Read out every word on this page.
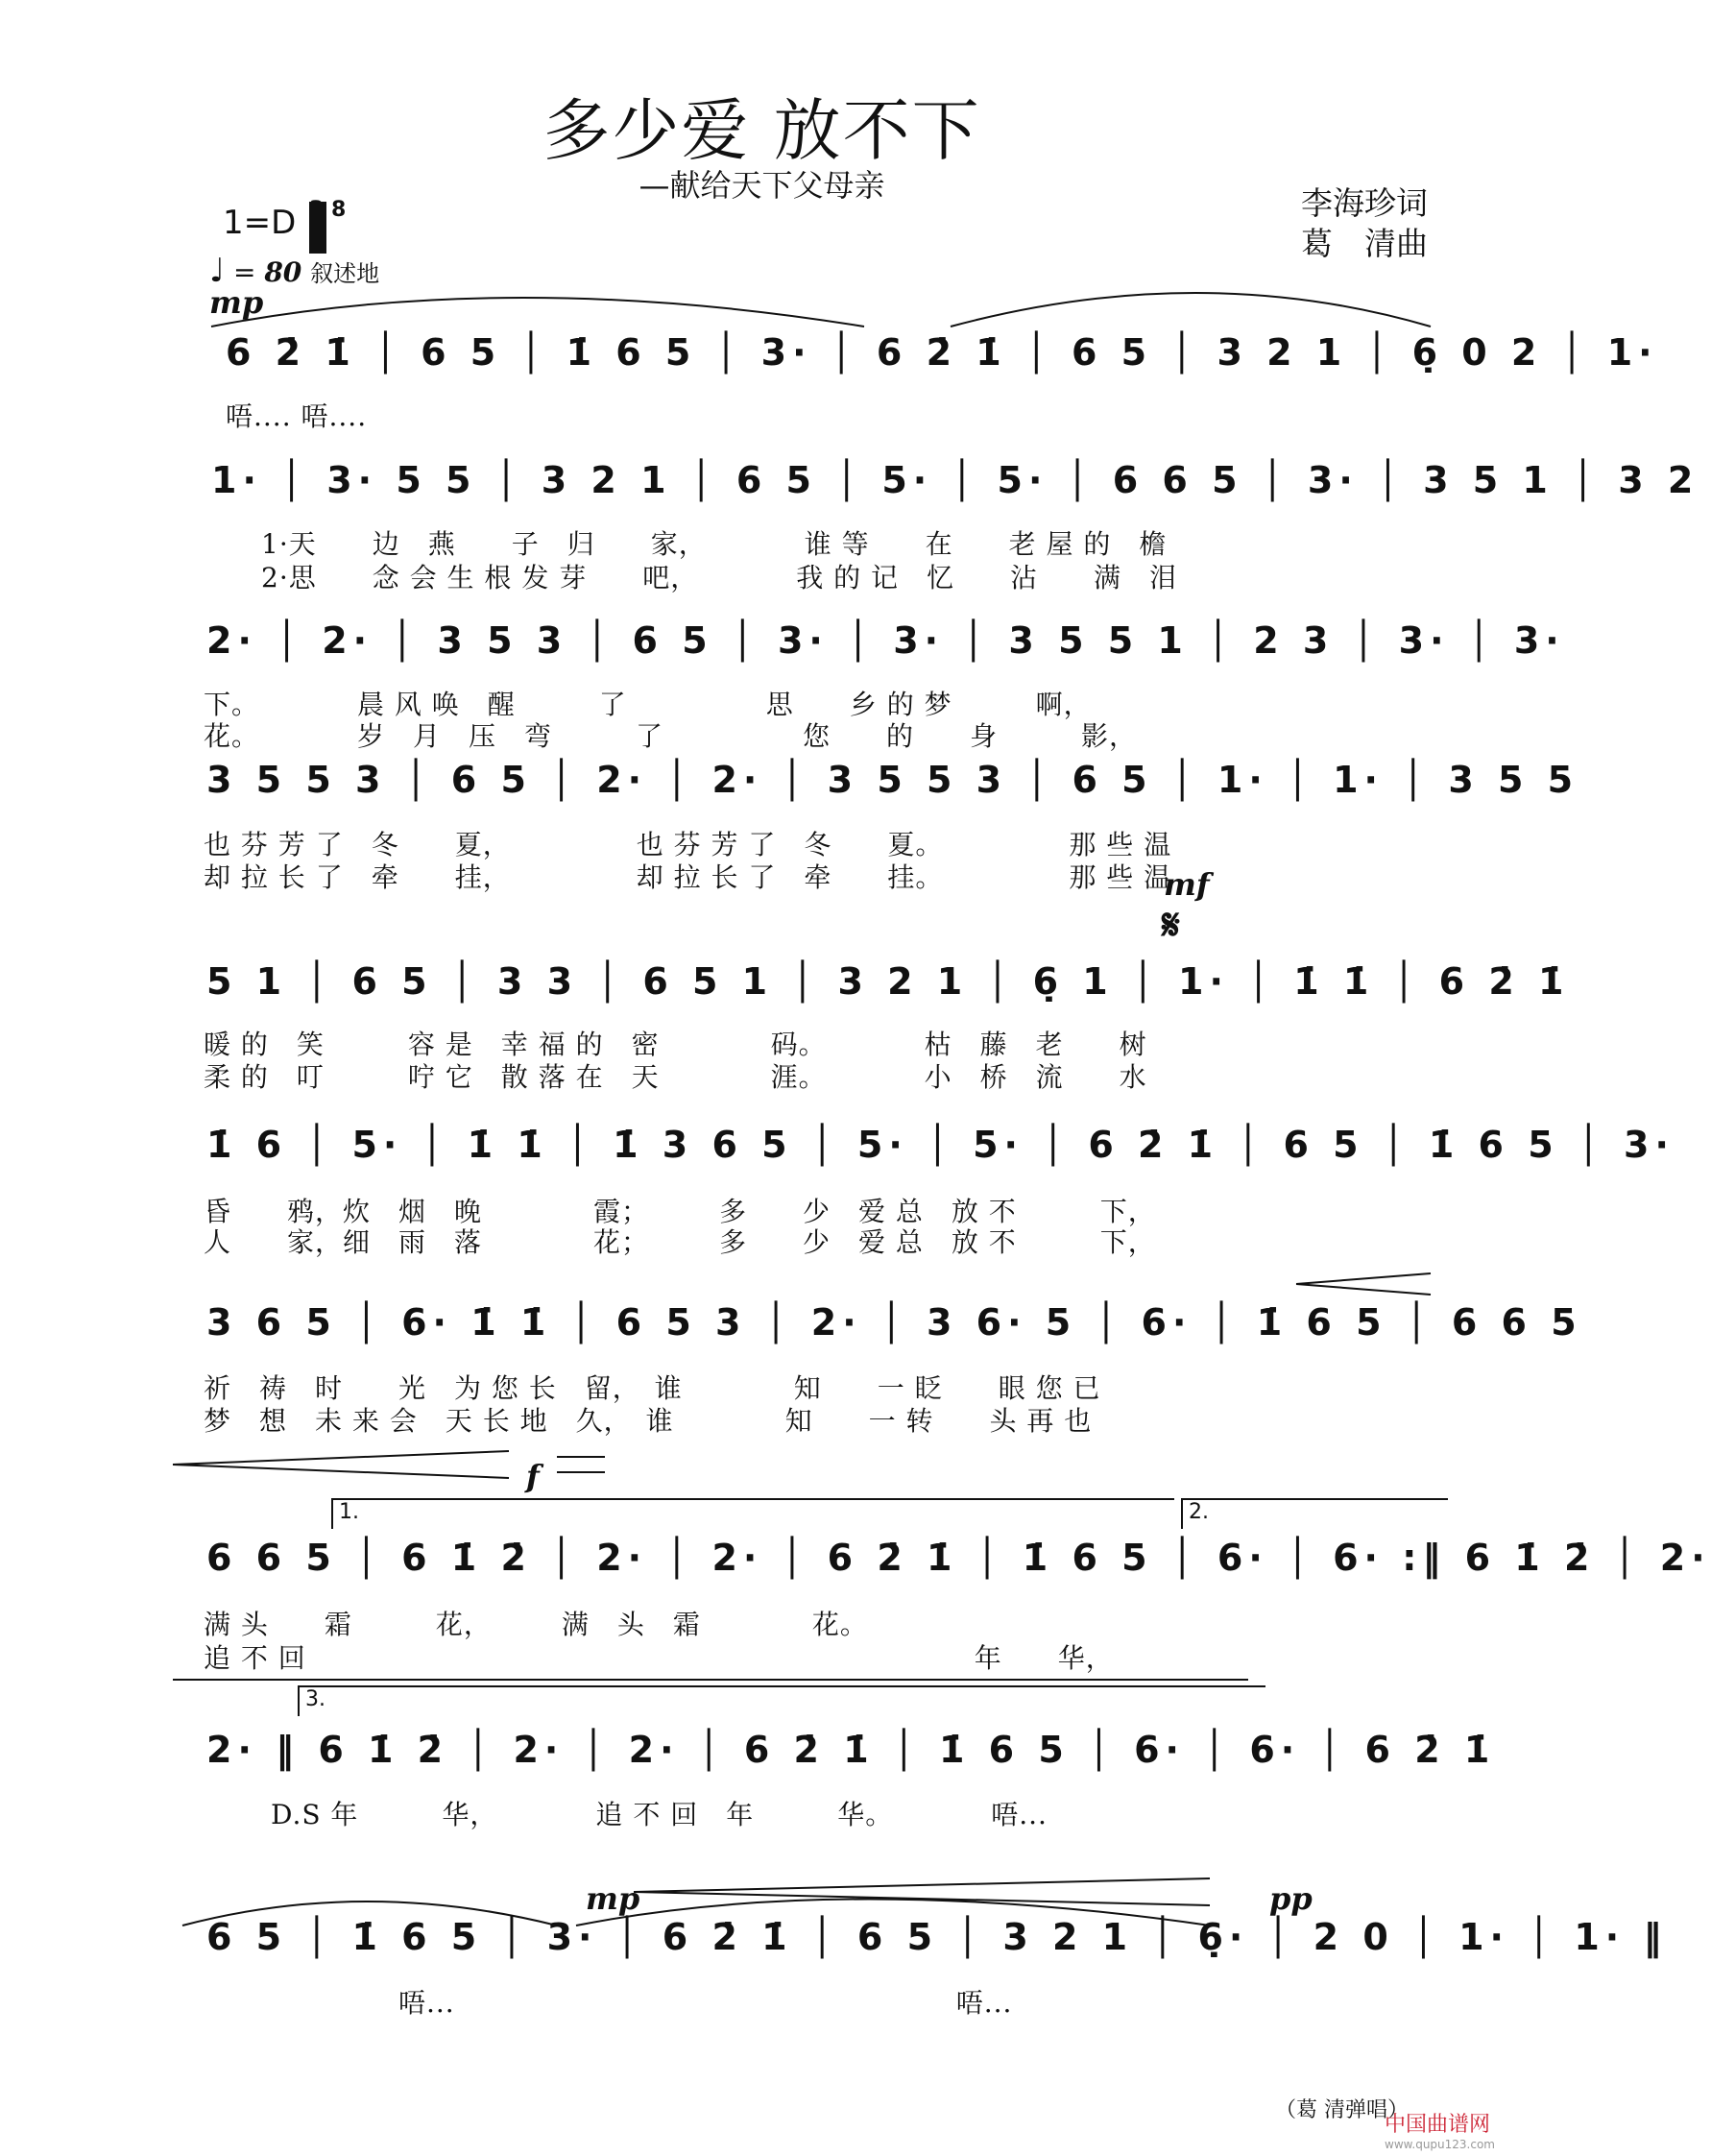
多少爱 放不下
—献给天下父母亲	李海珍词
葛　清曲
1=D	8
♩ = 80 叙述地
mp
mf
𝄋
f
mp	pp
6 2̇ 1̇ │ 6 5 │ 1̇ 6 5 │ 3· │ 6 2̇ 1̇ │ 6 5 │ 3 2 1 │ 6̣ 0 2 │ 1·
唔.... 唔....
1· │ 3· 5 5 │ 3 2 1 │ 6 5 │ 5· │ 5· │ 6 6 5 │ 3· │ 3 5 1 │ 3 2
1·天　　边　燕　　子　归　　家，　　　　谁 等　　在　　老 屋 的　檐
2·思　　念 会 生 根 发 芽　　吧，　　　　我 的 记　忆　　沾　　满　泪
2· │ 2· │ 3 5 3 │ 6 5 │ 3· │ 3· │ 3 5 5 1 │ 2 3 │ 3· │ 3·
下。　　　　晨 风 唤　醒　　　了　　　　　思　　乡 的 梦　　　啊，
花。　　　　岁　月　压　弯　　　了　　　　　您　　的　　身　　　影，
3 5 5 3 │ 6 5 │ 2· │ 2· │ 3 5 5 3 │ 6 5 │ 1· │ 1· │ 3 5 5
也 芬 芳 了　冬　　夏，　　　　　也 芬 芳 了　冬　　夏。　　　　　那 些 温
却 拉 长 了　牵　　挂，　　　　　却 拉 长 了　牵　　挂。　　　　　那 些 温
5 1 │ 6 5 │ 3 3 │ 6 5 1 │ 3 2 1 │ 6̣ 1 │ 1· │ 1̇ 1̇ │ 6 2̇ 1̇
暖 的　笑　　　容 是　幸 福 的　密　　　　码。　　　　枯　藤　老　　树
柔 的　叮　　　咛 它　散 落 在　天　　　　涯。　　　　小　桥　流　　水
1̇ 6 │ 5· │ 1̇ 1̇ │ 1̇ 3 6 5 │ 5· │ 5· │ 6 2̇ 1̇ │ 6 5 │ 1̇ 6 5 │ 3·
昏　　鸦，炊　烟　晚　　　　霞；　　　多　　少　爱 总　放 不　　　下，
人　　家，细　雨　落　　　　花；　　　多　　少　爱 总　放 不　　　下，
3 6 5 │ 6· 1̇ 1̇ │ 6 5 3 │ 2· │ 3 6· 5 │ 6· │ 1̇ 6 5 │ 6 6 5
祈　祷　时　　光　为 您 长　留，　谁　　　　知　　一 眨　　眼 您 已
梦　想　未 来 会　天 长 地　久，　谁　　　　知　　一 转　　头 再 也
1.	2.
6 6 5 │ 6 1̇ 2̇ │ 2· │ 2· │ 6 2̇ 1̇ │ 1̇ 6 5 │ 6· │ 6· :‖ 6 1̇ 2̇ │ 2·
满 头　　霜　　　花，　　　满　头　霜　　　　花。
追 不 回　　　　　　　　　　　　　　　　　　　　　　　　年　　华，
3.
2· ‖ 6 1̇ 2̇ │ 2· │ 2· │ 6 2̇ 1̇ │ 1̇ 6 5 │ 6· │ 6· │ 6 2̇ 1̇
D.S 年　　　华，　　　　追 不 回　年　　　华。　　　　唔...
6 5 │ 1̇ 6 5 │ 3· │ 6 2̇ 1̇ │ 6 5 │ 3 2 1 │ 6̣· │ 2 0 │ 1· │ 1· ‖
　　　　　　　唔...　　　　　　　　　　　　　　　　　　唔...
（葛 清弹唱）
中国曲谱网
www.qupu123.com
